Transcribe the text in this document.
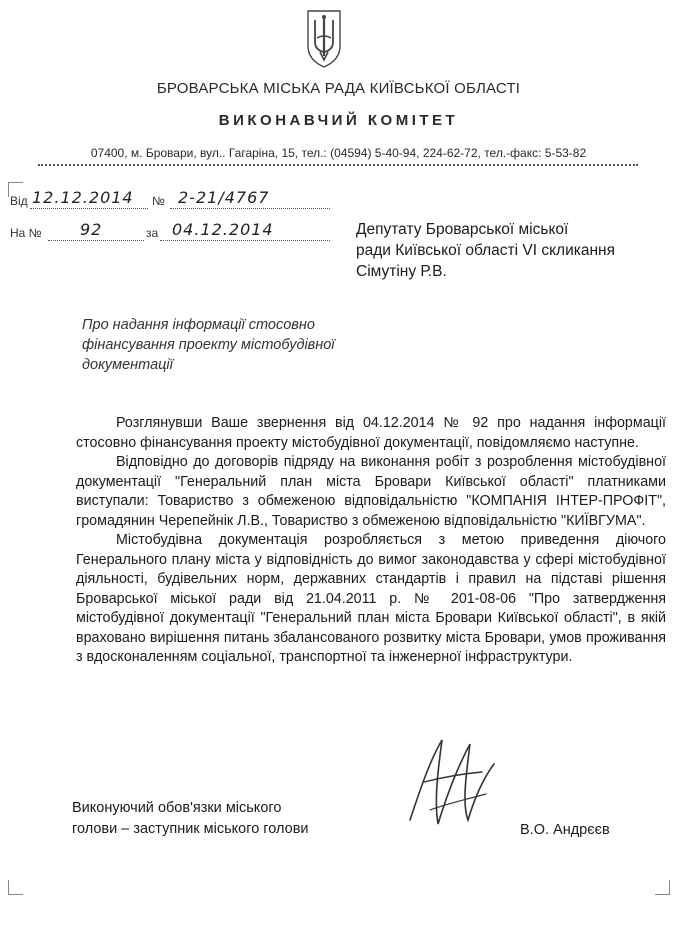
БРОВАРСЬКА МІСЬКА РАДА КИЇВСЬКОЇ ОБЛАСТІ
ВИКОНАВЧИЙ КОМІТЕТ
07400, м. Бровари, вул.. Гагаріна, 15, тел.: (04594) 5-40-94, 224-62-72, тел.-факс: 5-53-82
Від 12.12.2014 № 2-21/4767
На № 92	за 04.12.2014	Депутату Броварської міської
ради Київської області VI скликання
Сімутіну Р.В.
Про надання інформації стосовно
фінансування проекту містобудівної
документації

Розглянувши Ваше звернення від 04.12.2014 № 92 про надання інформації стосовно фінансування проекту містобудівної документації, повідомляємо наступне.

Відповідно до договорів підряду на виконання робіт з розроблення містобудівної документації "Генеральний план міста Бровари Київської області" платниками виступали: Товариство з обмеженою відповідальністю "КОМПАНІЯ ІНТЕР-ПРОФІТ", громадянин Черепейнік Л.В., Товариство з обмеженою відповідальністю "КИЇВГУМА".

Містобудівна документація розробляється з метою приведення діючого Генерального плану міста у відповідність до вимог законодавства у сфері містобудівної діяльності, будівельних норм, державних стандартів і правил на підставі рішення Броварської міської ради від 21.04.2011 р. № 201-08-06 "Про затвердження містобудівної документації "Генеральний план міста Бровари Київської області", в якій враховано вирішення питань збалансованого розвитку міста Бровари, умов проживання з вдосконаленням соціальної, транспортної та інженерної інфраструктури.

Виконуючий обов'язки міського
голови – заступник міського голови	В.О. Андрєєв
